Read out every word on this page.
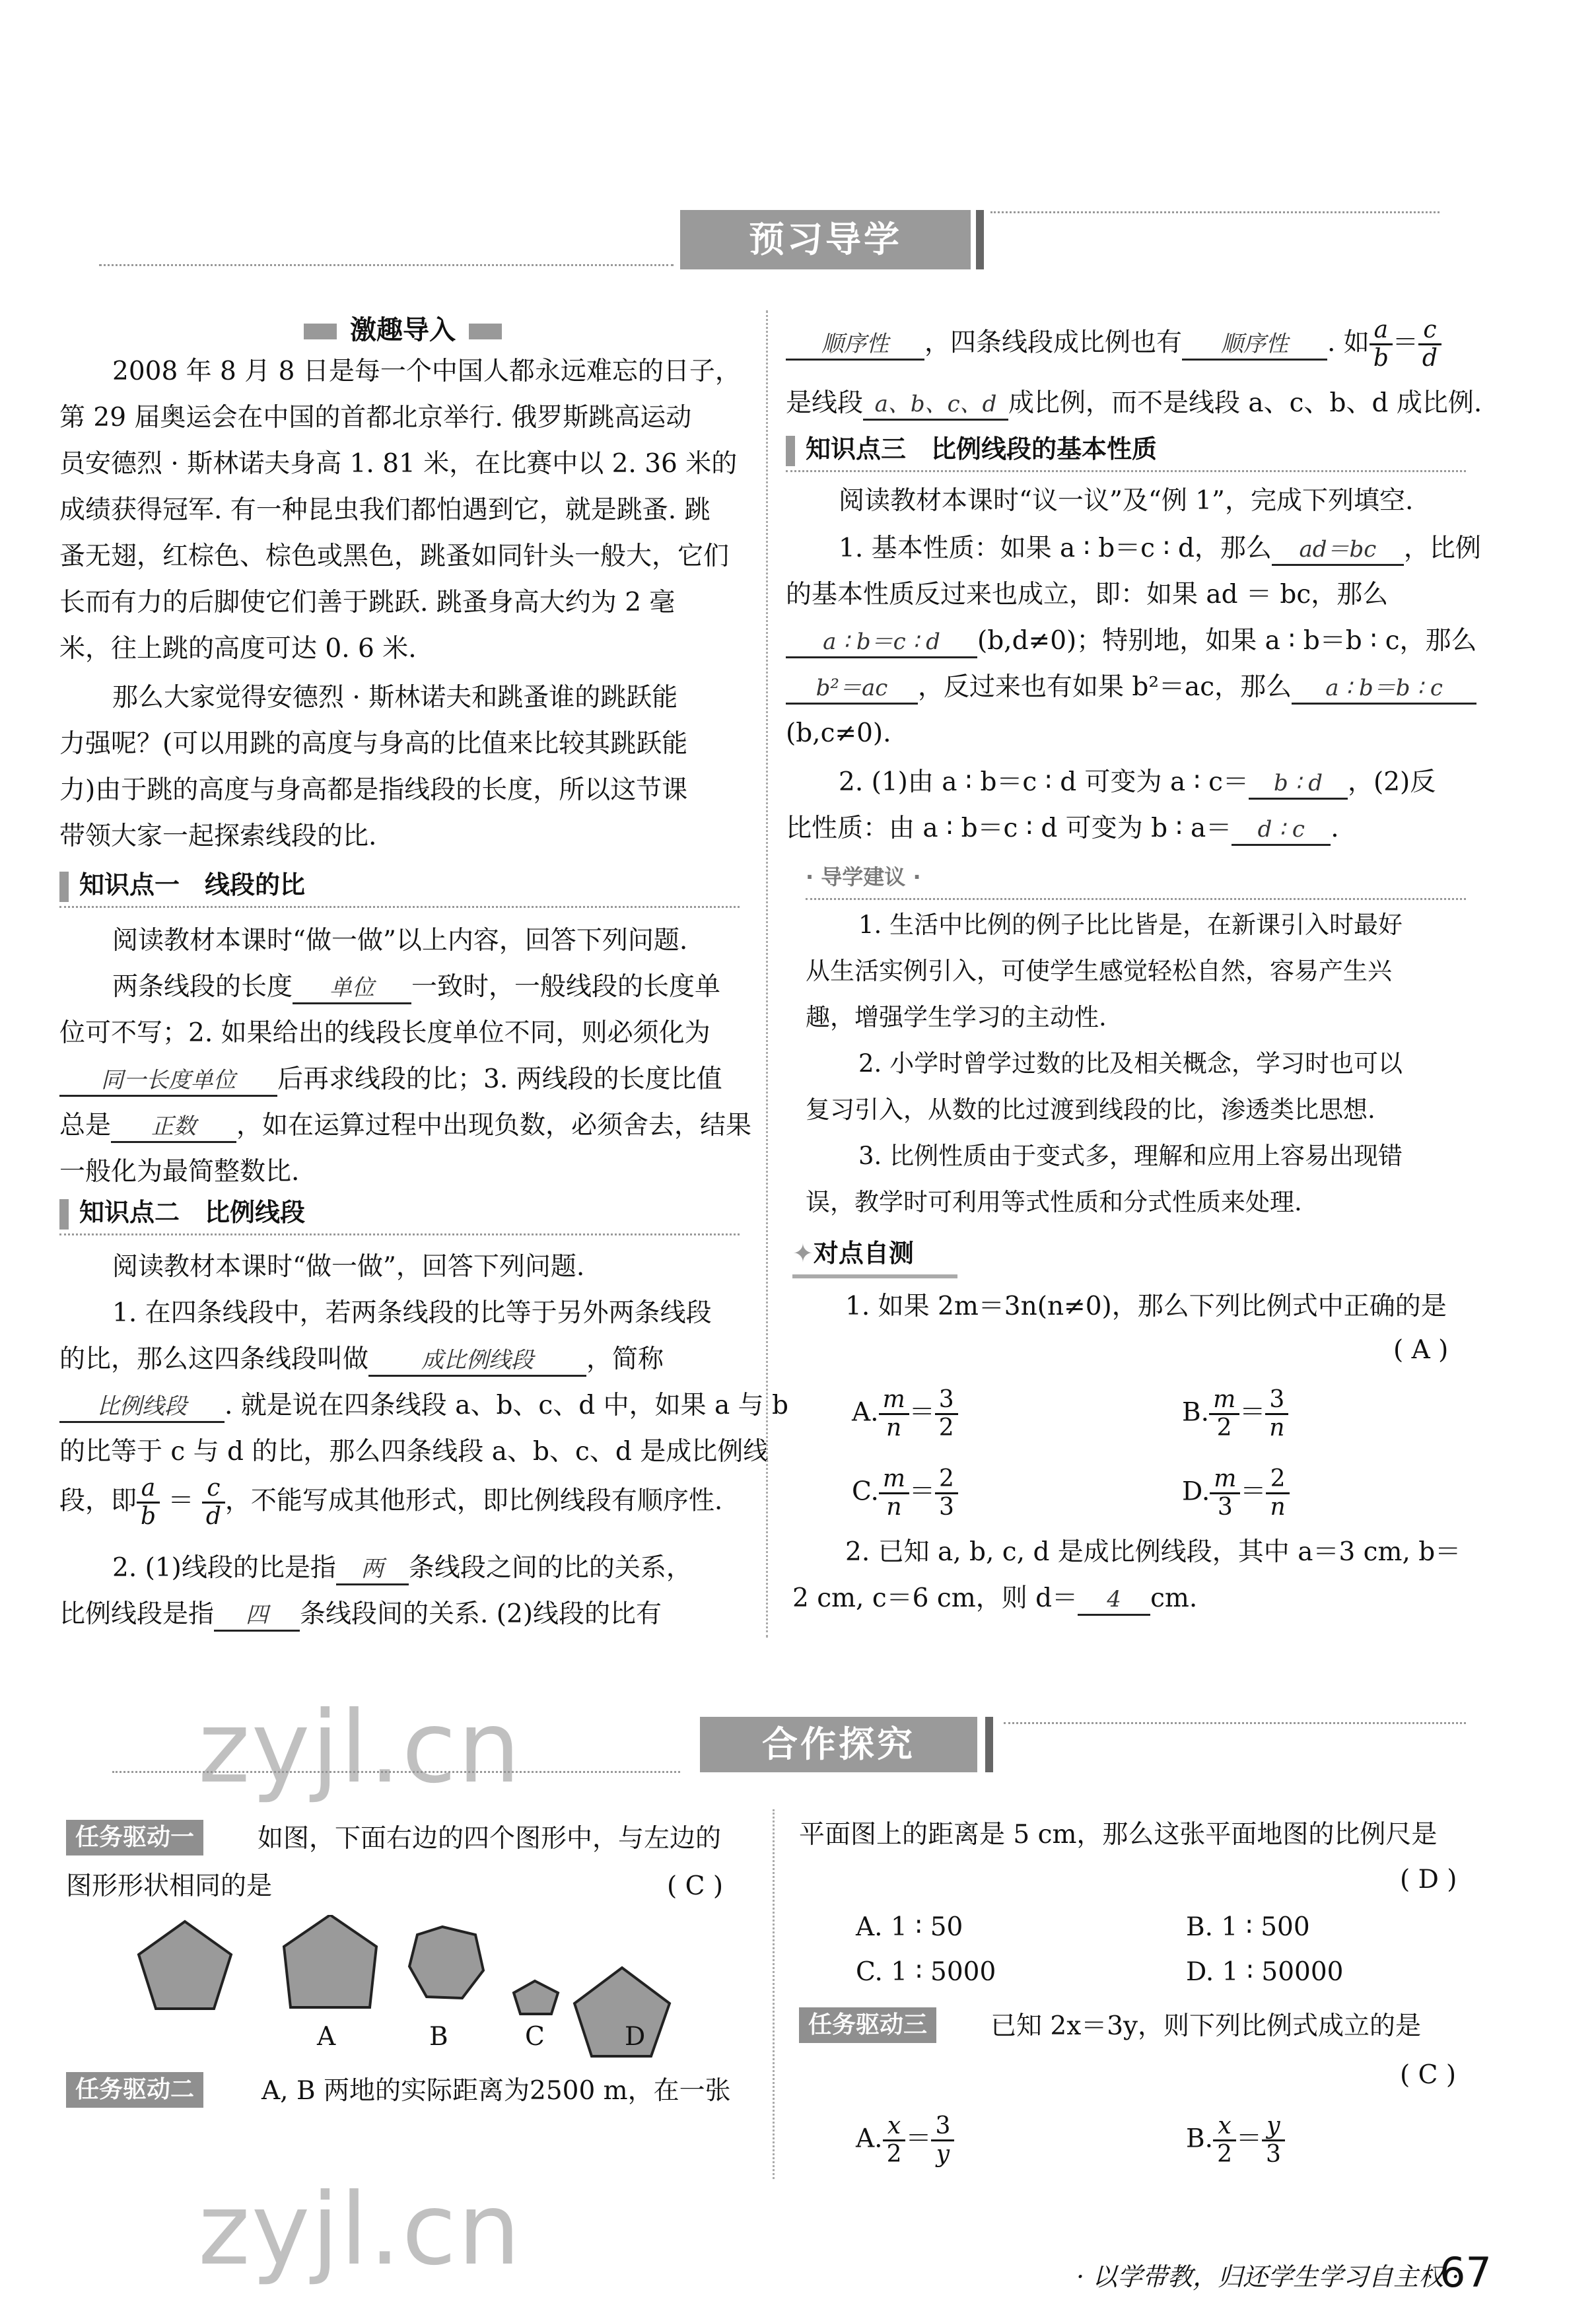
预习导学
激趣导入
2008 年 8 月 8 日是每一个中国人都永远难忘的日子，
第 29 届奥运会在中国的首都北京举行. 俄罗斯跳高运动
员安德烈 · 斯林诺夫身高 1. 81 米，在比赛中以 2. 36 米的
成绩获得冠军. 有一种昆虫我们都怕遇到它，就是跳蚤. 跳
蚤无翅，红棕色、棕色或黑色，跳蚤如同针头一般大，它们
长而有力的后脚使它们善于跳跃. 跳蚤身高大约为 2 毫
米，往上跳的高度可达 0. 6 米.
那么大家觉得安德烈 · 斯林诺夫和跳蚤谁的跳跃能
力强呢？(可以用跳的高度与身高的比值来比较其跳跃能
力)由于跳的高度与身高都是指线段的长度，所以这节课
带领大家一起探索线段的比.
知识点一　线段的比
阅读教材本课时“做一做”以上内容，回答下列问题.
两条线段的长度 单位 一致时，一般线段的长度单
位可不写；2. 如果给出的线段长度单位不同，则必须化为
同一长度单位 后再求线段的比；3. 两线段的长度比值
总是 正数 ，如在运算过程中出现负数，必须舍去，结果
一般化为最简整数比.
知识点二　比例线段
阅读教材本课时“做一做”，回答下列问题.
1. 在四条线段中，若两条线段的比等于另外两条线段
的比，那么这四条线段叫做 成比例线段 ，简称
比例线段 . 就是说在四条线段 a、b、c、d 中，如果 a 与 b
的比等于 c 与 d 的比，那么四条线段 a、b、c、d 是成比例线
段，即 $\frac{a}{b} = \frac{c}{d}$ ，不能写成其他形式，即比例线段有顺序性.
2. (1)线段的比是指 两 条线段之间的比的关系，
比例线段是指 四 条线段间的关系. (2)线段的比有
顺序性 ，四条线段成比例也有 顺序性 . 如 $\frac{a}{b} = \frac{c}{d}$
是线段 a、b、c、d 成比例，而不是线段 a、c、b、d 成比例.
知识点三　比例线段的基本性质
阅读教材本课时“议一议”及“例 1”，完成下列填空.
1. 基本性质：如果 a ∶ b＝c ∶ d，那么 ad＝bc ，比例
的基本性质反过来也成立，即：如果 ad ＝ bc，那么
a ∶ b＝c ∶ d (b,d≠0)；特别地，如果 a ∶ b＝b ∶ c，那么
b²＝ac ，反过来也有如果 b²＝ac，那么 a ∶ b＝b ∶ c
(b,c≠0).
2. (1)由 a ∶ b＝c ∶ d 可变为 a ∶ c＝ b ∶ d ，(2)反
比性质：由 a ∶ b＝c ∶ d 可变为 b ∶ a＝ d ∶ c .
· 导学建议 ·
1. 生活中比例的例子比比皆是，在新课引入时最好
从生活实例引入，可使学生感觉轻松自然，容易产生兴
趣，增强学生学习的主动性.
2. 小学时曾学过数的比及相关概念，学习时也可以
复习引入，从数的比过渡到线段的比，渗透类比思想.
3. 比例性质由于变式多，理解和应用上容易出现错
误，教学时可利用等式性质和分式性质来处理.
✦对点自测
1. 如果 2m＝3n(n≠0)，那么下列比例式中正确的是
( A )
A. $\frac{m}{n} = \frac{3}{2}$	B. $\frac{m}{2} = \frac{3}{n}$
C. $\frac{m}{n} = \frac{2}{3}$	D. $\frac{m}{3} = \frac{2}{n}$
2. 已知 a, b, c, d 是成比例线段，其中 a＝3 cm, b＝
2 cm, c＝6 cm，则 d＝ 4 cm.
合作探究
任务驱动一	如图，下面右边的四个图形中，与左边的
图形形状相同的是	( C )
A	B	C	D
任务驱动二	A, B 两地的实际距离为2500 m，在一张
平面图上的距离是 5 cm，那么这张平面地图的比例尺是
( D )
A. 1 ∶ 50	B. 1 ∶ 500
C. 1 ∶ 5000	D. 1 ∶ 50000
任务驱动三	已知 2x＝3y，则下列比例式成立的是
( C )
A. $\frac{x}{2} = \frac{3}{y}$	B. $\frac{x}{2} = \frac{y}{3}$
zyjl.cn
zyjl.cn	· 以学带教，归还学生学习自主权 ·
67
